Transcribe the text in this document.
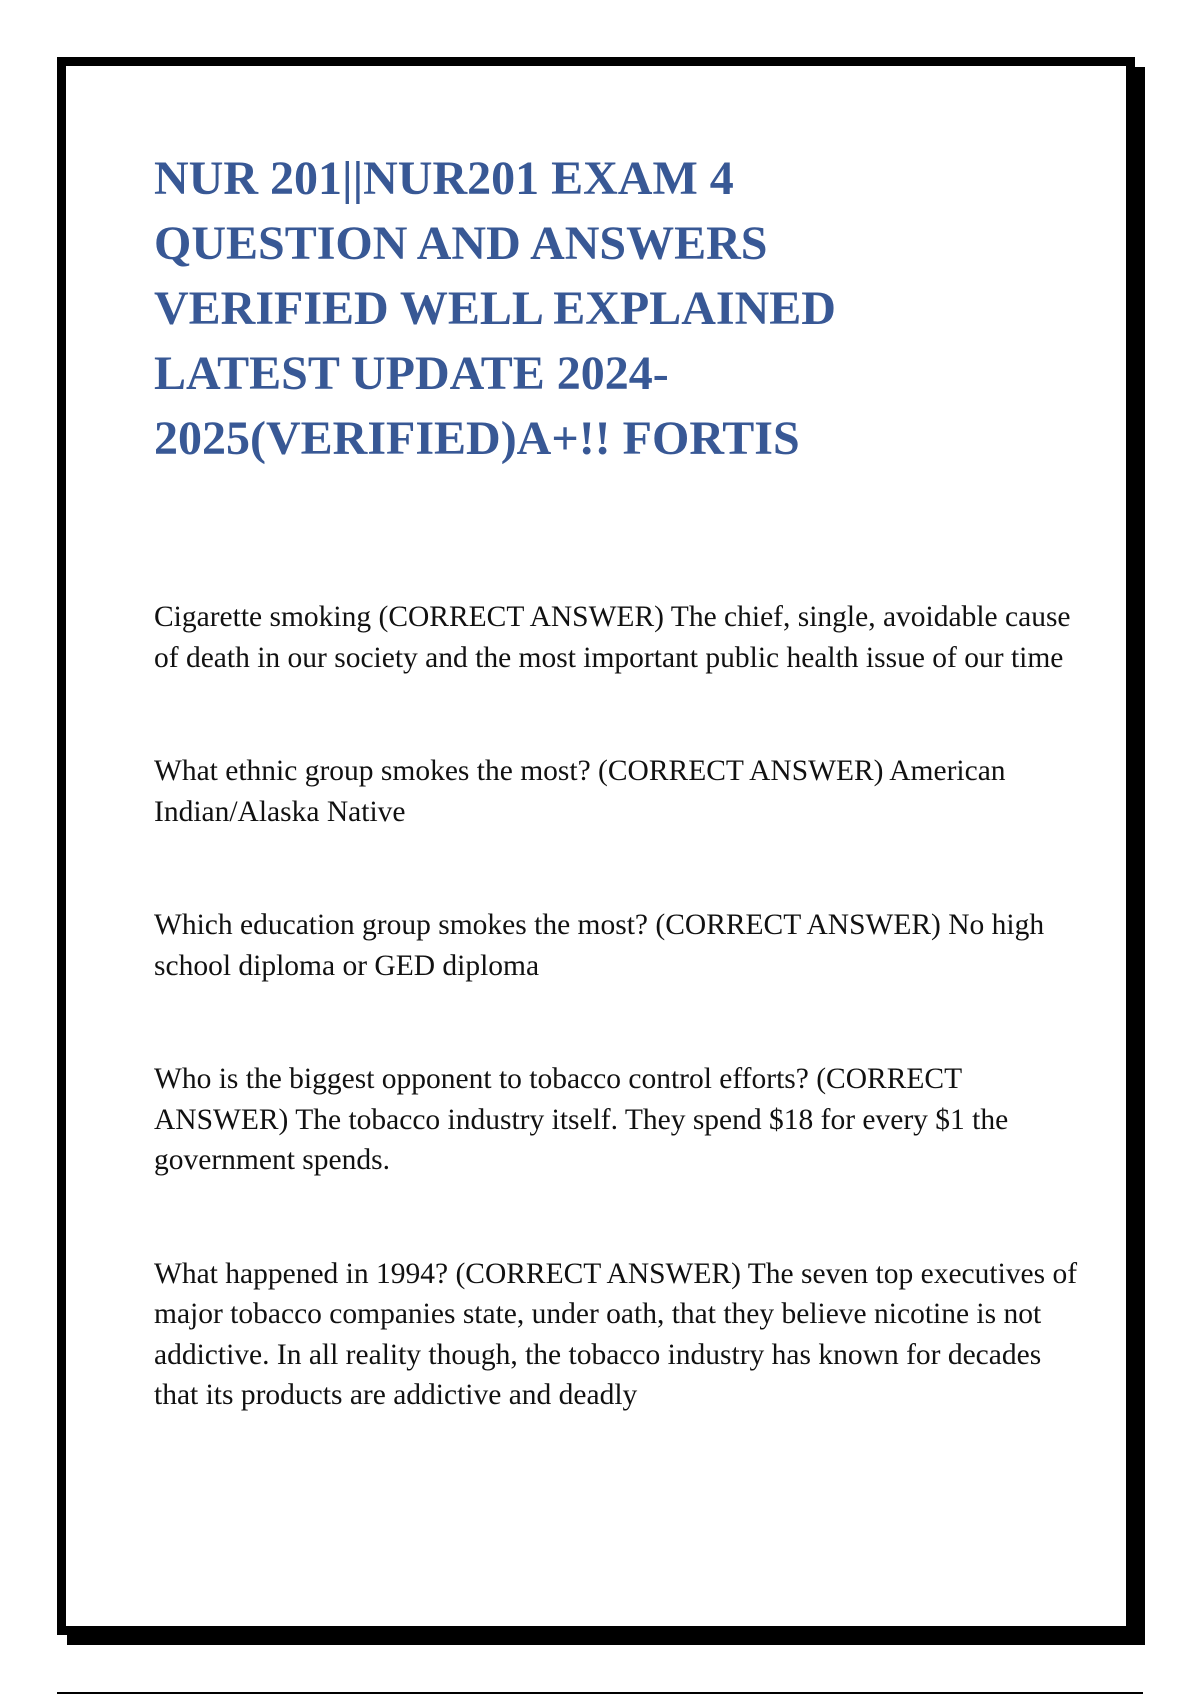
NUR 201||NUR201 EXAM 4 QUESTION AND ANSWERS VERIFIED WELL EXPLAINED LATEST UPDATE 2024-2025(VERIFIED)A+!! FORTIS

Cigarette smoking (CORRECT ANSWER) The chief, single, avoidable cause of death in our society and the most important public health issue of our time

What ethnic group smokes the most? (CORRECT ANSWER) American Indian/Alaska Native

Which education group smokes the most? (CORRECT ANSWER) No high school diploma or GED diploma

Who is the biggest opponent to tobacco control efforts? (CORRECT ANSWER) The tobacco industry itself. They spend $18 for every $1 the government spends.

What happened in 1994? (CORRECT ANSWER) The seven top executives of major tobacco companies state, under oath, that they believe nicotine is not addictive. In all reality though, the tobacco industry has known for decades that its products are addictive and deadly
